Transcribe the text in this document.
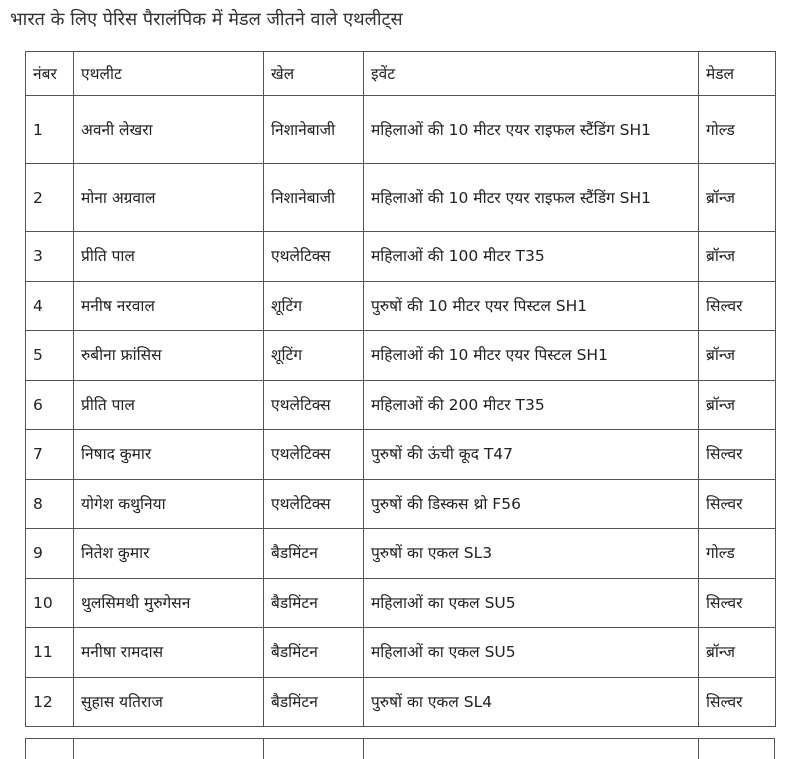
भारत के लिए पेरिस पैरालंपिक में मेडल जीतने वाले एथलीट्स
नंबर	एथलीट	खेल	इवेंट	मेडल
1	अवनी लेखरा	निशानेबाजी	महिलाओं की 10 मीटर एयर राइफल स्टैंडिंग SH1	गोल्ड
2	मोना अग्रवाल	निशानेबाजी	महिलाओं की 10 मीटर एयर राइफल स्टैंडिंग SH1	ब्रॉन्ज
3	प्रीति पाल	एथलेटिक्स	महिलाओं की 100 मीटर T35	ब्रॉन्ज
4	मनीष नरवाल	शूटिंग	पुरुषों की 10 मीटर एयर पिस्टल SH1	सिल्वर
5	रुबीना फ्रांसिस	शूटिंग	महिलाओं की 10 मीटर एयर पिस्टल SH1	ब्रॉन्ज
6	प्रीति पाल	एथलेटिक्स	महिलाओं की 200 मीटर T35	ब्रॉन्ज
7	निषाद कुमार	एथलेटिक्स	पुरुषों की ऊंची कूद T47	सिल्वर
8	योगेश कथुनिया	एथलेटिक्स	पुरुषों की डिस्कस थ्रो F56	सिल्वर
9	नितेश कुमार	बैडमिंटन	पुरुषों का एकल SL3	गोल्ड
10	थुलसिमथी मुरुगेसन	बैडमिंटन	महिलाओं का एकल SU5	सिल्वर
11	मनीषा रामदास	बैडमिंटन	महिलाओं का एकल SU5	ब्रॉन्ज
12	सुहास यतिराज	बैडमिंटन	पुरुषों का एकल SL4	सिल्वर
